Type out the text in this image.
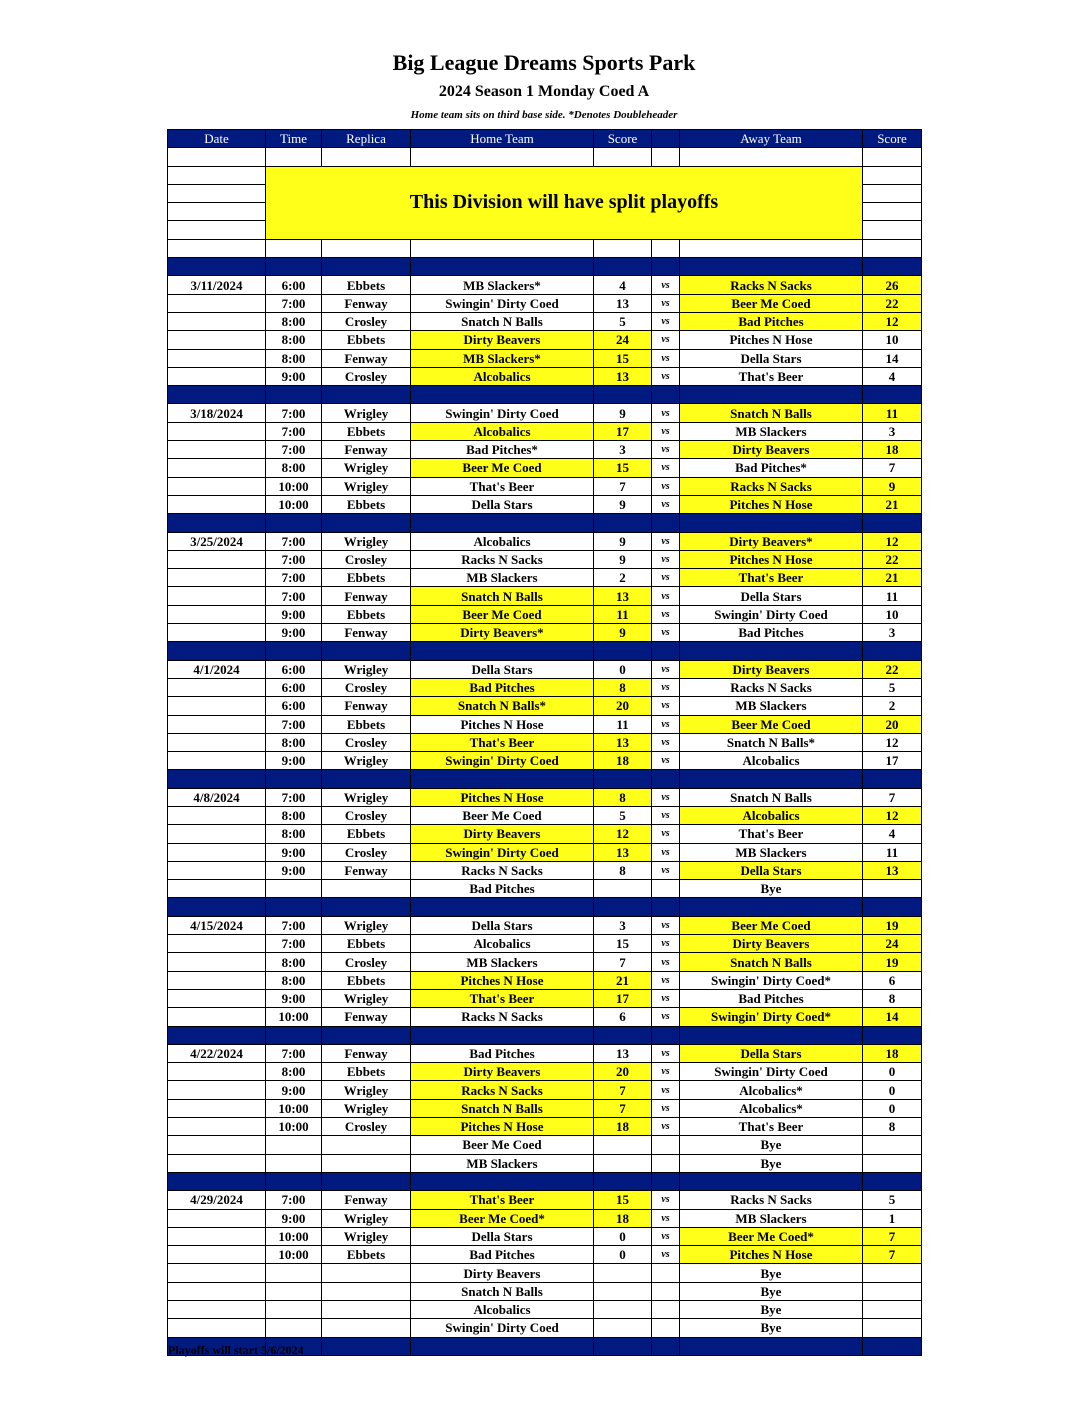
Big League Dreams Sports Park
2024 Season 1 Monday Coed A
Home team sits on third base side. *Denotes Doubleheader
Date	Time	Replica	Home Team	Score		Away Team	Score

	This Division will have split playoffs						

3/11/2024	6:00	Ebbets	MB Slackers*	4	vs	Racks N Sacks	26
	7:00	Fenway	Swingin' Dirty Coed	13	vs	Beer Me Coed	22
	8:00	Crosley	Snatch N Balls	5	vs	Bad Pitches	12
	8:00	Ebbets	Dirty Beavers	24	vs	Pitches N Hose	10
	8:00	Fenway	MB Slackers*	15	vs	Della Stars	14
	9:00	Crosley	Alcobalics	13	vs	That's Beer	4

3/18/2024	7:00	Wrigley	Swingin' Dirty Coed	9	vs	Snatch N Balls	11
	7:00	Ebbets	Alcobalics	17	vs	MB Slackers	3
	7:00	Fenway	Bad Pitches*	3	vs	Dirty Beavers	18
	8:00	Wrigley	Beer Me Coed	15	vs	Bad Pitches*	7
	10:00	Wrigley	That's Beer	7	vs	Racks N Sacks	9
	10:00	Ebbets	Della Stars	9	vs	Pitches N Hose	21

3/25/2024	7:00	Wrigley	Alcobalics	9	vs	Dirty Beavers*	12
	7:00	Crosley	Racks N Sacks	9	vs	Pitches N Hose	22
	7:00	Ebbets	MB Slackers	2	vs	That's Beer	21
	7:00	Fenway	Snatch N Balls	13	vs	Della Stars	11
	9:00	Ebbets	Beer Me Coed	11	vs	Swingin' Dirty Coed	10
	9:00	Fenway	Dirty Beavers*	9	vs	Bad Pitches	3

4/1/2024	6:00	Wrigley	Della Stars	0	vs	Dirty Beavers	22
	6:00	Crosley	Bad Pitches	8	vs	Racks N Sacks	5
	6:00	Fenway	Snatch N Balls*	20	vs	MB Slackers	2
	7:00	Ebbets	Pitches N Hose	11	vs	Beer Me Coed	20
	8:00	Crosley	That's Beer	13	vs	Snatch N Balls*	12
	9:00	Wrigley	Swingin' Dirty Coed	18	vs	Alcobalics	17

4/8/2024	7:00	Wrigley	Pitches N Hose	8	vs	Snatch N Balls	7
	8:00	Crosley	Beer Me Coed	5	vs	Alcobalics	12
	8:00	Ebbets	Dirty Beavers	12	vs	That's Beer	4
	9:00	Crosley	Swingin' Dirty Coed	13	vs	MB Slackers	11
	9:00	Fenway	Racks N Sacks	8	vs	Della Stars	13
			Bad Pitches			Bye	

4/15/2024	7:00	Wrigley	Della Stars	3	vs	Beer Me Coed	19
	7:00	Ebbets	Alcobalics	15	vs	Dirty Beavers	24
	8:00	Crosley	MB Slackers	7	vs	Snatch N Balls	19
	8:00	Ebbets	Pitches N Hose	21	vs	Swingin' Dirty Coed*	6
	9:00	Wrigley	That's Beer	17	vs	Bad Pitches	8
	10:00	Fenway	Racks N Sacks	6	vs	Swingin' Dirty Coed*	14

4/22/2024	7:00	Fenway	Bad Pitches	13	vs	Della Stars	18
	8:00	Ebbets	Dirty Beavers	20	vs	Swingin' Dirty Coed	0
	9:00	Wrigley	Racks N Sacks	7	vs	Alcobalics*	0
	10:00	Wrigley	Snatch N Balls	7	vs	Alcobalics*	0
	10:00	Crosley	Pitches N Hose	18	vs	That's Beer	8
			Beer Me Coed			Bye	
			MB Slackers			Bye	

4/29/2024	7:00	Fenway	That's Beer	15	vs	Racks N Sacks	5
	9:00	Wrigley	Beer Me Coed*	18	vs	MB Slackers	1
	10:00	Wrigley	Della Stars	0	vs	Beer Me Coed*	7
	10:00	Ebbets	Bad Pitches	0	vs	Pitches N Hose	7
			Dirty Beavers			Bye	
			Snatch N Balls			Bye	
			Alcobalics			Bye	
			Swingin' Dirty Coed			Bye	

Playoffs will start 5/6/2024
